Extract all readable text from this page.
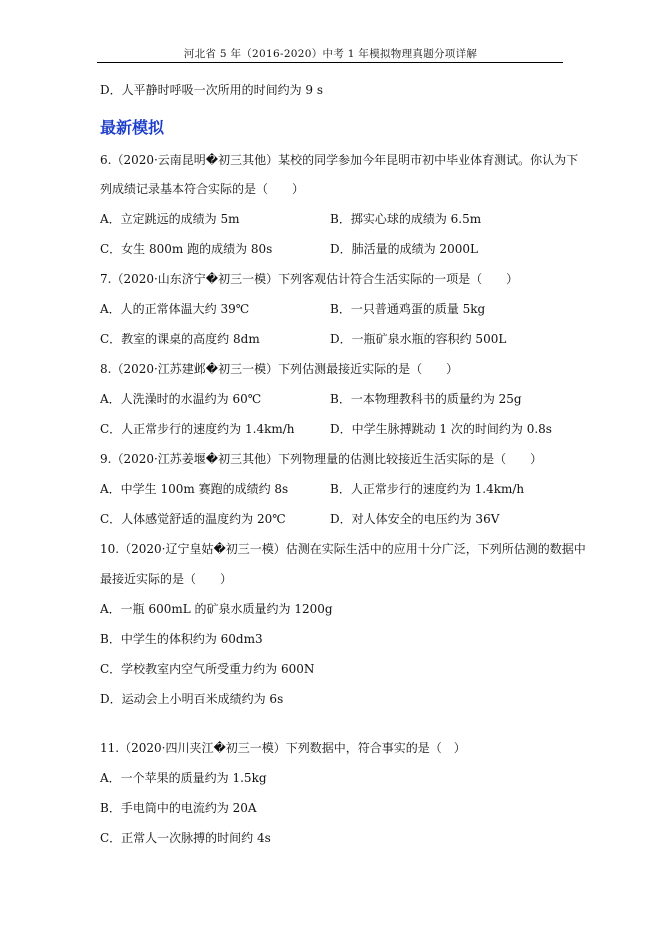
河北省 5 年（2016-2020）中考 1 年模拟物理真题分项详解
D．人平静时呼吸一次所用的时间约为 9 s
最新模拟
6.（2020·云南昆明�初三其他）某校的同学参加今年昆明市初中毕业体育测试。你认为下
列成绩记录基本符合实际的是（　　）
A．立定跳远的成绩为 5m	B．掷实心球的成绩为 6.5m
C．女生 800m 跑的成绩为 80s	D．肺活量的成绩为 2000L
7.（2020·山东济宁�初三一模）下列客观估计符合生活实际的一项是（　　）
A．人的正常体温大约 39℃	B．一只普通鸡蛋的质量 5kg
C．教室的课桌的高度约 8dm	D．一瓶矿泉水瓶的容积约 500L
8.（2020·江苏建邺�初三一模）下列估测最接近实际的是（　　）
A．人洗澡时的水温约为 60℃	B．一本物理教科书的质量约为 25g
C．人正常步行的速度约为 1.4km/h	D．中学生脉搏跳动 1 次的时间约为 0.8s
9.（2020·江苏姜堰�初三其他）下列物理量的估测比较接近生活实际的是（　　）
A．中学生 100m 赛跑的成绩约 8s	B．人正常步行的速度约为 1.4km/h
C．人体感觉舒适的温度约为 20℃	D．对人体安全的电压约为 36V
10.（2020·辽宁皇姑�初三一模）估测在实际生活中的应用十分广泛，下列所估测的数据中
最接近实际的是（　　）
A．一瓶 600mL 的矿泉水质量约为 1200g
B．中学生的体积约为 60dm3
C．学校教室内空气所受重力约为 600N
D．运动会上小明百米成绩约为 6s
11.（2020·四川夹江�初三一模）下列数据中，符合事实的是（　）
A．一个苹果的质量约为 1.5kg
B．手电筒中的电流约为 20A
C．正常人一次脉搏的时间约 4s
